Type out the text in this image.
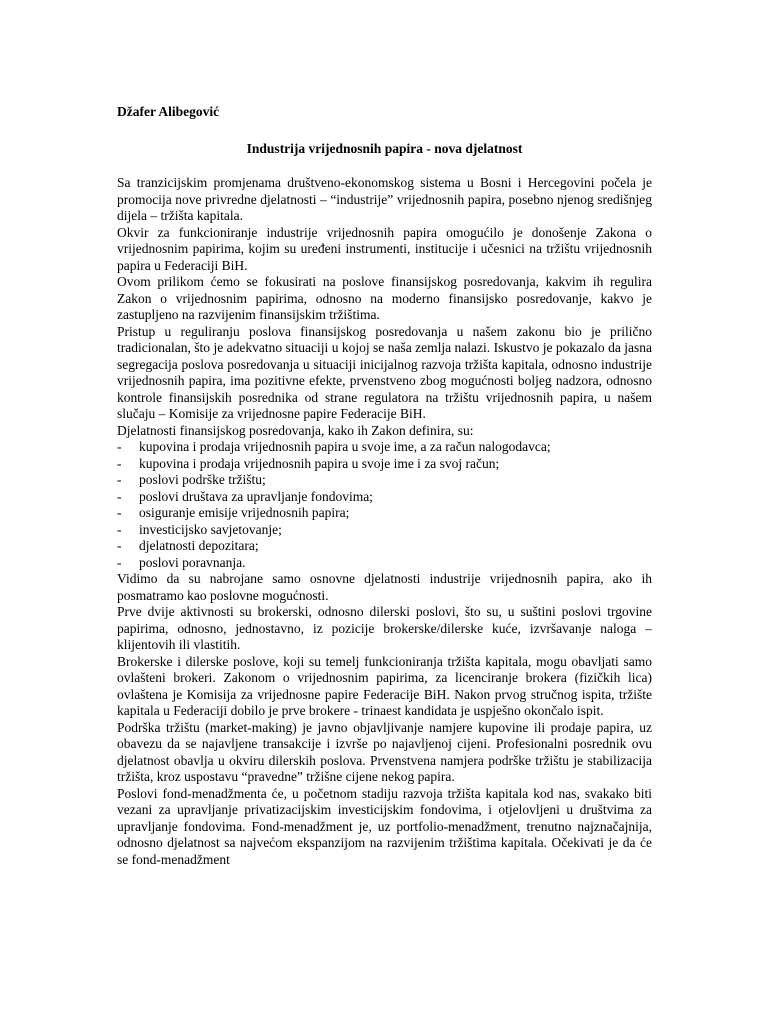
Džafer Alibegović
Industrija vrijednosnih papira - nova djelatnost

Sa tranzicijskim promjenama društveno-ekonomskog sistema u Bosni i Hercegovini počela je promocija nove privredne djelatnosti – “industrije” vrijednosnih papira, posebno njenog središnjeg dijela – tržišta kapitala.

Okvir za funkcioniranje industrije vrijednosnih papira omogućilo je donošenje Zakona o vrijednosnim papirima, kojim su uređeni instrumenti, institucije i učesnici na tržištu vrijednosnih papira u Federaciji BiH.

Ovom prilikom ćemo se fokusirati na poslove finansijskog posredovanja, kakvim ih regulira Zakon o vrijednosnim papirima, odnosno na moderno finansijsko posredovanje, kakvo je zastupljeno na razvijenim finansijskim tržištima.

Pristup u reguliranju poslova finansijskog posredovanja u našem zakonu bio je prilično tradicionalan, što je adekvatno situaciji u kojoj se naša zemlja nalazi. Iskustvo je pokazalo da jasna segregacija poslova posredovanja u situaciji inicijalnog razvoja tržišta kapitala, odnosno industrije vrijednosnih papira, ima pozitivne efekte, prvenstveno zbog mogućnosti boljeg nadzora, odnosno kontrole finansijskih posrednika od strane regulatora na tržištu vrijednosnih papira, u našem slučaju – Komisije za vrijednosne papire Federacije BiH.

Djelatnosti finansijskog posredovanja, kako ih Zakon definira, su:

- kupovina i prodaja vrijednosnih papira u svoje ime, a za račun nalogodavca;
- kupovina i prodaja vrijednosnih papira u svoje ime i za svoj račun;
- poslovi podrške tržištu;
- poslovi društava za upravljanje fondovima;
- osiguranje emisije vrijednosnih papira;
- investicijsko savjetovanje;
- djelatnosti depozitara;
- poslovi poravnanja.

Vidimo da su nabrojane samo osnovne djelatnosti industrije vrijednosnih papira, ako ih posmatramo kao poslovne mogućnosti.

Prve dvije aktivnosti su brokerski, odnosno dilerski poslovi, što su, u suštini poslovi trgovine papirima, odnosno, jednostavno, iz pozicije brokerske/dilerske kuće, izvršavanje naloga – klijentovih ili vlastitih.

Brokerske i dilerske poslove, koji su temelj funkcioniranja tržišta kapitala, mogu obavljati samo ovlašteni brokeri. Zakonom o vrijednosnim papirima, za licenciranje brokera (fizičkih lica) ovlaštena je Komisija za vrijednosne papire Federacije BiH. Nakon prvog stručnog ispita, tržište kapitala u Federaciji dobilo je prve brokere - trinaest kandidata je uspješno okončalo ispit.

Podrška tržištu (market-making) je javno objavljivanje namjere kupovine ili prodaje papira, uz obavezu da se najavljene transakcije i izvrše po najavljenoj cijeni. Profesionalni posrednik ovu djelatnost obavlja u okviru dilerskih poslova. Prvenstvena namjera podrške tržištu je stabilizacija tržišta, kroz uspostavu “pravedne” tržišne cijene nekog papira.

Poslovi fond-menadžmenta će, u početnom stadiju razvoja tržišta kapitala kod nas, svakako biti vezani za upravljanje privatizacijskim investicijskim fondovima, i otjelovljeni u društvima za upravljanje fondovima. Fond-menadžment je, uz portfolio-menadžment, trenutno najznačajnija, odnosno djelatnost sa najvećom ekspanzijom na razvijenim tržištima kapitala. Očekivati je da će se fond-menadžment
